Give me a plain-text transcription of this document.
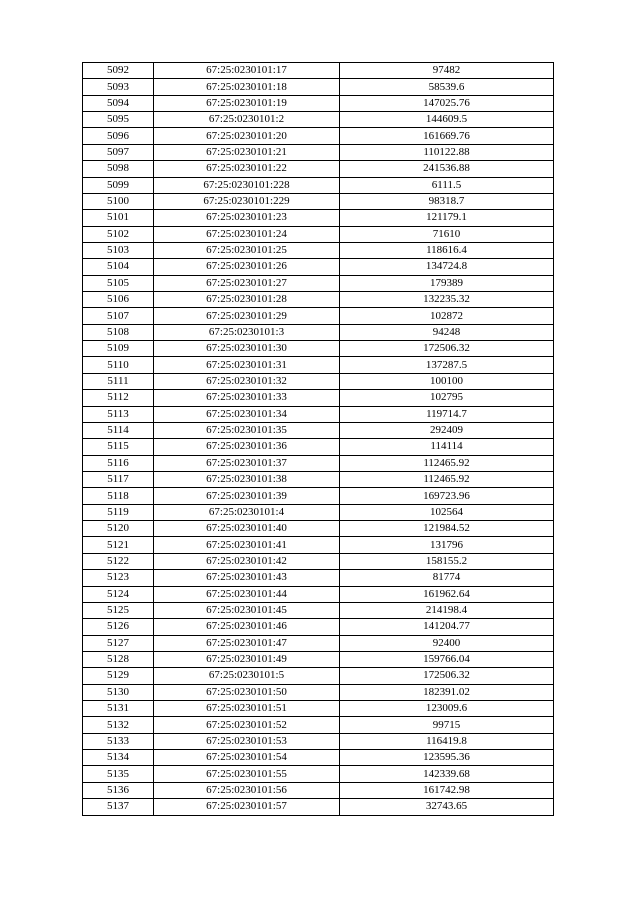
5092	67:25:0230101:17	97482
5093	67:25:0230101:18	58539.6
5094	67:25:0230101:19	147025.76
5095	67:25:0230101:2	144609.5
5096	67:25:0230101:20	161669.76
5097	67:25:0230101:21	110122.88
5098	67:25:0230101:22	241536.88
5099	67:25:0230101:228	6111.5
5100	67:25:0230101:229	98318.7
5101	67:25:0230101:23	121179.1
5102	67:25:0230101:24	71610
5103	67:25:0230101:25	118616.4
5104	67:25:0230101:26	134724.8
5105	67:25:0230101:27	179389
5106	67:25:0230101:28	132235.32
5107	67:25:0230101:29	102872
5108	67:25:0230101:3	94248
5109	67:25:0230101:30	172506.32
5110	67:25:0230101:31	137287.5
5111	67:25:0230101:32	100100
5112	67:25:0230101:33	102795
5113	67:25:0230101:34	119714.7
5114	67:25:0230101:35	292409
5115	67:25:0230101:36	114114
5116	67:25:0230101:37	112465.92
5117	67:25:0230101:38	112465.92
5118	67:25:0230101:39	169723.96
5119	67:25:0230101:4	102564
5120	67:25:0230101:40	121984.52
5121	67:25:0230101:41	131796
5122	67:25:0230101:42	158155.2
5123	67:25:0230101:43	81774
5124	67:25:0230101:44	161962.64
5125	67:25:0230101:45	214198.4
5126	67:25:0230101:46	141204.77
5127	67:25:0230101:47	92400
5128	67:25:0230101:49	159766.04
5129	67:25:0230101:5	172506.32
5130	67:25:0230101:50	182391.02
5131	67:25:0230101:51	123009.6
5132	67:25:0230101:52	99715
5133	67:25:0230101:53	116419.8
5134	67:25:0230101:54	123595.36
5135	67:25:0230101:55	142339.68
5136	67:25:0230101:56	161742.98
5137	67:25:0230101:57	32743.65
